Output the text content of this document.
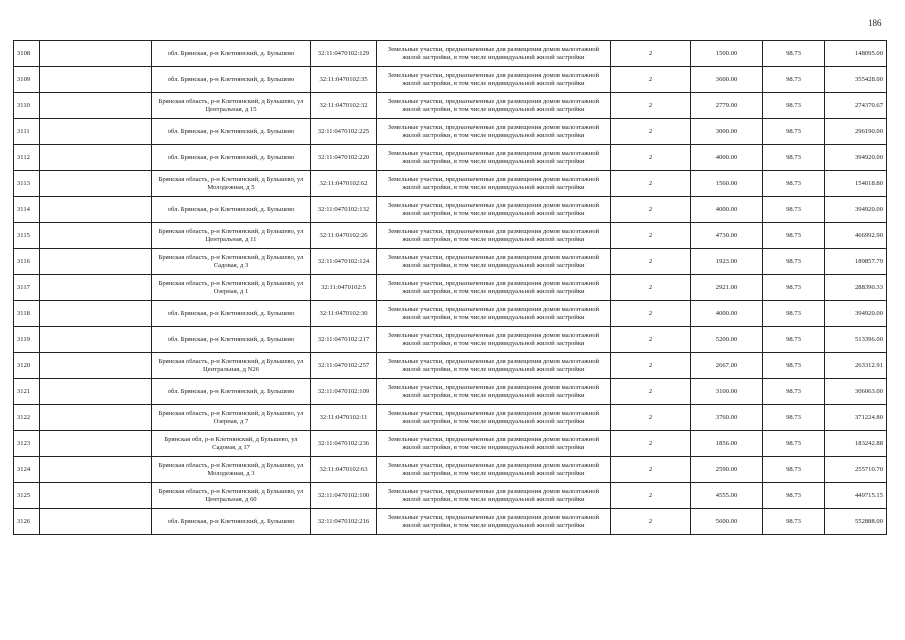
186
3108		обл. Брянская, р-н Клетнянский, д. Бульшево	32:11:0470102:129	Земельные участки, предназначенные для размещения домов малоэтажной жилой застройки, в том числе индивидуальной жилой застройки	2	1500.00	98.73	148095.00
3109		обл. Брянская, р-н Клетнянский, д. Бульшево	32:11:0470102:35	Земельные участки, предназначенные для размещения домов малоэтажной жилой застройки, в том числе индивидуальной жилой застройки	2	3600.00	98.73	355428.00
3110		Брянская область, р-н Клетнянский, д Бульшево, ул Центральная, д 15	32:11:0470102:32	Земельные участки, предназначенные для размещения домов малоэтажной жилой застройки, в том числе индивидуальной жилой застройки	2	2779.00	98.73	274370.67
3111		обл. Брянская, р-н Клетнянский, д. Бульшево	32:11:0470102:225	Земельные участки, предназначенные для размещения домов малоэтажной жилой застройки, в том числе индивидуальной жилой застройки	2	3000.00	98.73	296190.00
3112		обл. Брянская, р-н Клетнянский, д. Бульшево	32:11:0470102:220	Земельные участки, предназначенные для размещения домов малоэтажной жилой застройки, в том числе индивидуальной жилой застройки	2	4000.00	98.73	394920.00
3113		Брянская область, р-н Клетнянский, д Бульшево, ул Молодежная, д 5	32:11:0470102:62	Земельные участки, предназначенные для размещения домов малоэтажной жилой застройки, в том числе индивидуальной жилой застройки	2	1560.00	98.73	154018.80
3114		обл. Брянская, р-н Клетнянский, д. Бульшево	32:11:0470102:132	Земельные участки, предназначенные для размещения домов малоэтажной жилой застройки, в том числе индивидуальной жилой застройки	2	4000.00	98.73	394920.00
3115		Брянская область, р-н Клетнянский, д Бульшево, ул Центральная, д 11	32:11:0470102:26	Земельные участки, предназначенные для размещения домов малоэтажной жилой застройки, в том числе индивидуальной жилой застройки	2	4730.00	98.73	466992.90
3116		Брянская область, р-н Клетнянский, д Бульшево, ул Садовая, д 3	32:11:0470102:124	Земельные участки, предназначенные для размещения домов малоэтажной жилой застройки, в том числе индивидуальной жилой застройки	2	1923.00	98.73	189857.79
3117		Брянская область, р-н Клетнянский, д Бульшево, ул Озерная, д 1	32:11:0470102:5	Земельные участки, предназначенные для размещения домов малоэтажной жилой застройки, в том числе индивидуальной жилой застройки	2	2921.00	98.73	288390.33
3118		обл. Брянская, р-н Клетнянский, д. Бульшево	32:11:0470102:30	Земельные участки, предназначенные для размещения домов малоэтажной жилой застройки, в том числе индивидуальной жилой застройки	2	4000.00	98.73	394920.00
3119		обл. Брянская, р-н Клетнянский, д. Бульшево	32:11:0470102:217	Земельные участки, предназначенные для размещения домов малоэтажной жилой застройки, в том числе индивидуальной жилой застройки	2	5200.00	98.73	513396.00
3120		Брянская область, р-н Клетнянский, д Бульшево, ул Центральная, д N26	32:11:0470102:257	Земельные участки, предназначенные для размещения домов малоэтажной жилой застройки, в том числе индивидуальной жилой застройки	2	2667.00	98.73	263312.91
3121		обл. Брянская, р-н Клетнянский, д. Бульшево	32:11:0470102:109	Земельные участки, предназначенные для размещения домов малоэтажной жилой застройки, в том числе индивидуальной жилой застройки	2	3100.00	98.73	306063.00
3122		Брянская область, р-н Клетнянский, д Бульшево, ул Озерная, д 7	32:11:0470102:11	Земельные участки, предназначенные для размещения домов малоэтажной жилой застройки, в том числе индивидуальной жилой застройки	2	3760.00	98.73	371224.80
3123		Брянская обл, р-н Клетнянский, д Бульшево, ул Садовая, д 17	32:11:0470102:236	Земельные участки, предназначенные для размещения домов малоэтажной жилой застройки, в том числе индивидуальной жилой застройки	2	1856.00	98.73	183242.88
3124		Брянская область, р-н Клетнянский, д Бульшево, ул Молодежная, д 3	32:11:0470102:63	Земельные участки, предназначенные для размещения домов малоэтажной жилой застройки, в том числе индивидуальной жилой застройки	2	2590.00	98.73	255710.70
3125		Брянская область, р-н Клетнянский, д Бульшево, ул Центральная, д 60	32:11:0470102:100	Земельные участки, предназначенные для размещения домов малоэтажной жилой застройки, в том числе индивидуальной жилой застройки	2	4555.00	98.73	449715.15
3126		обл. Брянская, р-н Клетнянский, д. Бульшево	32:11:0470102:216	Земельные участки, предназначенные для размещения домов малоэтажной жилой застройки, в том числе индивидуальной жилой застройки	2	5600.00	98.73	552888.00
